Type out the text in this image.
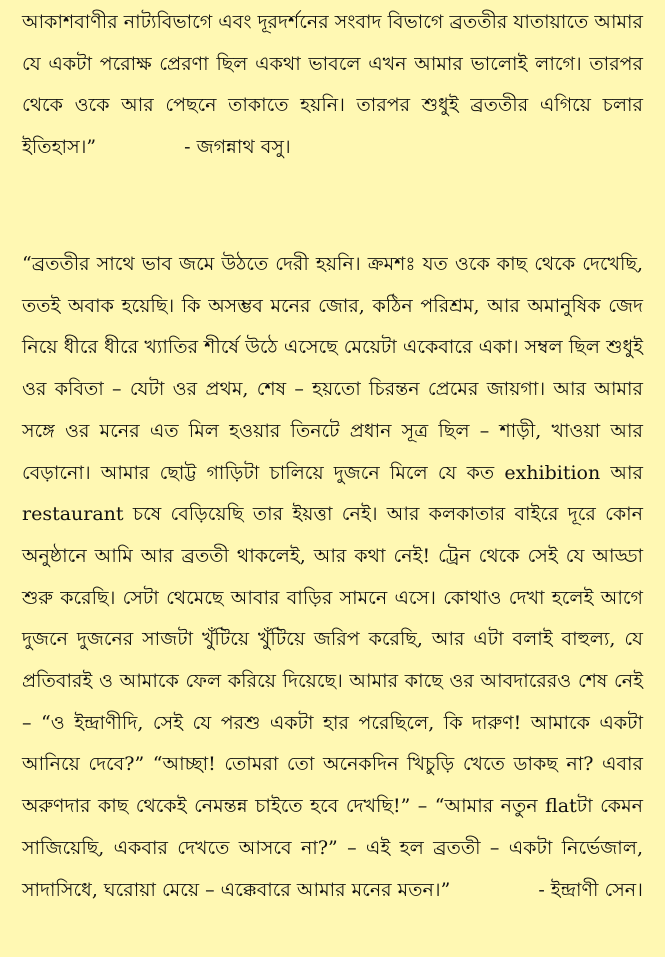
আকাশবাণীর নাট্যবিভাগে এবং দূরদর্শনের সংবাদ বিভাগে ব্রততীর যাতায়াতে আমার যে একটা পরোক্ষ প্রেরণা ছিল একথা ভাবলে এখন আমার ভালোই লাগে। তারপর থেকে ওকে আর পেছনে তাকাতে হয়নি। তারপর শুধুই ব্রততীর এগিয়ে চলার ইতিহাস।”	- জগন্নাথ বসু।

“ব্রততীর সাথে ভাব জমে উঠতে দেরী হয়নি। ক্রমশঃ যত ওকে কাছ থেকে দেখেছি, ততই অবাক হয়েছি। কি অসম্ভব মনের জোর, কঠিন পরিশ্রম, আর অমানুষিক জেদ নিয়ে ধীরে ধীরে খ্যাতির শীর্ষে উঠে এসেছে মেয়েটা একেবারে একা। সম্বল ছিল শুধুই ওর কবিতা – যেটা ওর প্রথম, শেষ – হয়তো চিরন্তন প্রেমের জায়গা। আর আমার সঙ্গে ওর মনের এত মিল হওয়ার তিনটে প্রধান সূত্র ছিল – শাড়ী, খাওয়া আর বেড়ানো। আমার ছোট্ট গাড়িটা চালিয়ে দুজনে মিলে যে কত exhibition আর restaurant চষে বেড়িয়েছি তার ইয়ত্তা নেই। আর কলকাতার বাইরে দূরে কোন অনুষ্ঠানে আমি আর ব্রততী থাকলেই, আর কথা নেই! ট্রেন থেকে সেই যে আড্ডা শুরু করেছি। সেটা থেমেছে আবার বাড়ির সামনে এসে। কোথাও দেখা হলেই আগে দুজনে দুজনের সাজটা খুঁটিয়ে খুঁটিয়ে জরিপ করেছি, আর এটা বলাই বাহুল্য, যে প্রতিবারই ও আমাকে ফেল করিয়ে দিয়েছে। আমার কাছে ওর আবদারেরও শেষ নেই – “ও ইন্দ্রাণীদি, সেই যে পরশু একটা হার পরেছিলে, কি দারুণ! আমাকে একটা আনিয়ে দেবে?” “আচ্ছা! তোমরা তো অনেকদিন খিচুড়ি খেতে ডাকছ না? এবার অরুণদার কাছ থেকেই নেমন্তন্ন চাইতে হবে দেখছি!” – “আমার নতুন flatটা কেমন সাজিয়েছি, একবার দেখতে আসবে না?” – এই হল ব্রততী – একটা নির্ভেজাল, সাদাসিধে, ঘরোয়া মেয়ে – এক্কেবারে আমার মনের মতন।”	- ইন্দ্রাণী সেন।
